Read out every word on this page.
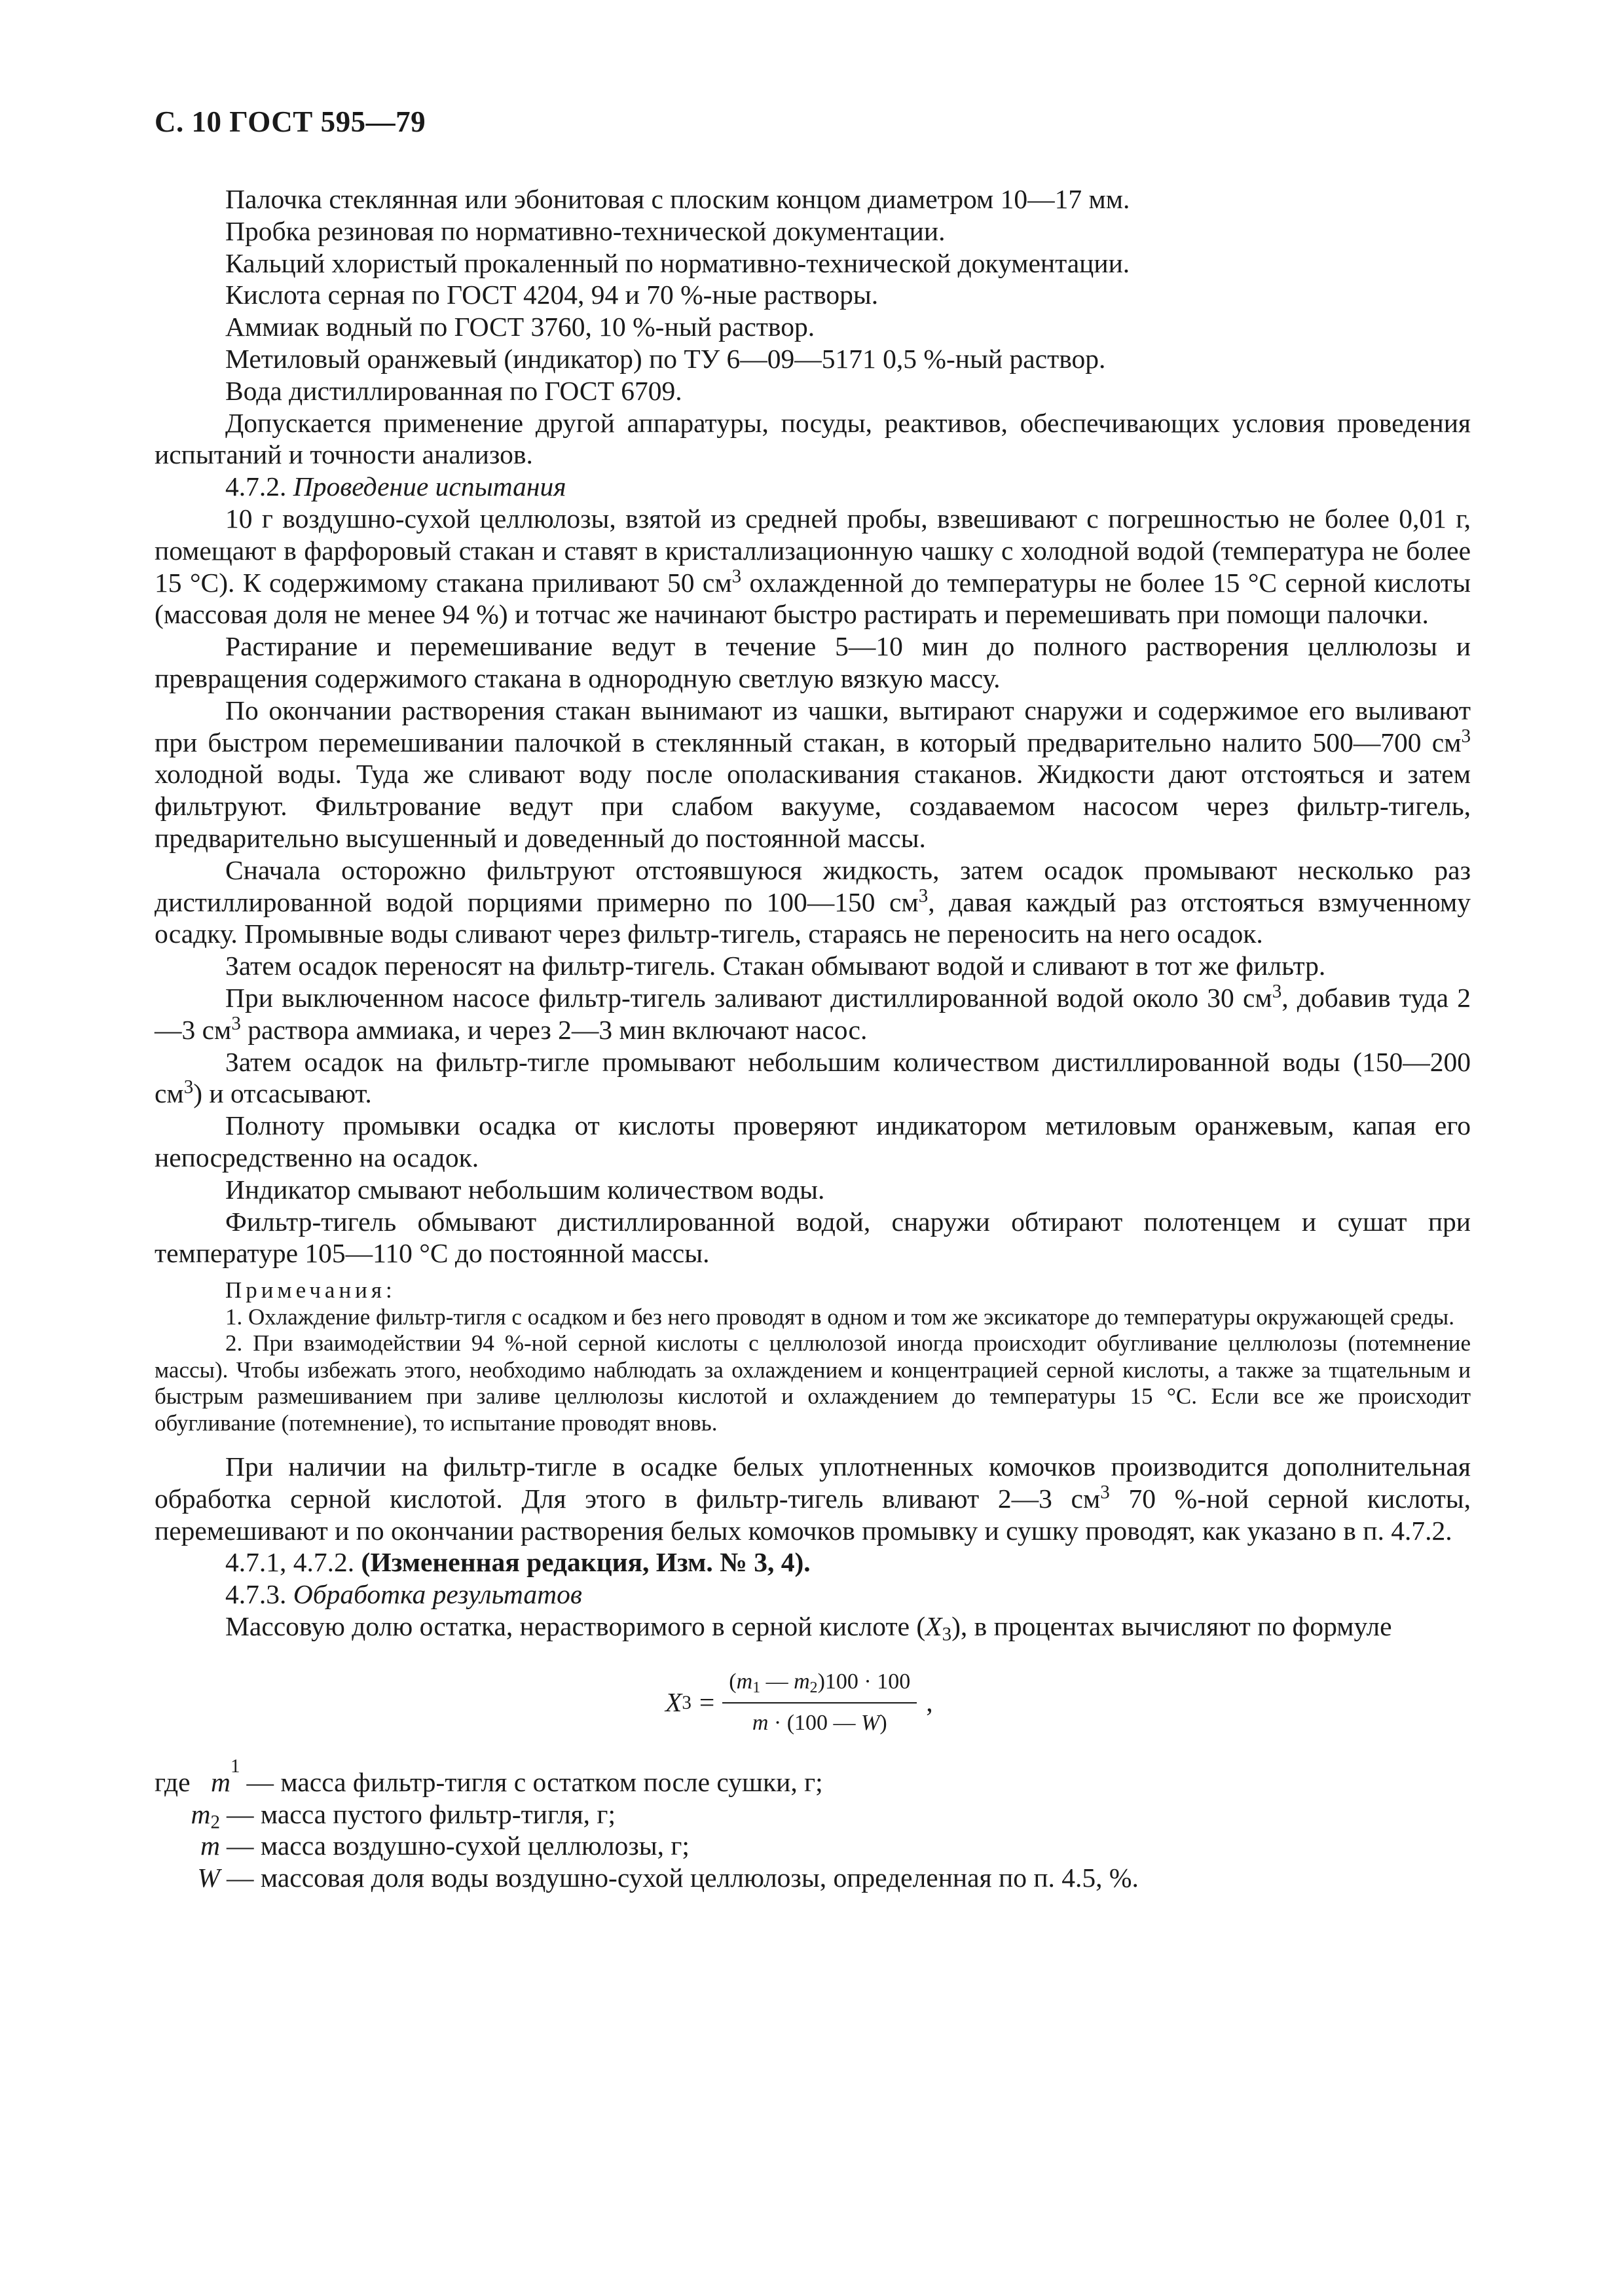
С. 10 ГОСТ 595—79

Палочка стеклянная или эбонитовая с плоским концом диаметром 10—17 мм.

Пробка резиновая по нормативно-технической документации.

Кальций хлористый прокаленный по нормативно-технической документации.

Кислота серная по ГОСТ 4204, 94 и 70 %-ные растворы.

Аммиак водный по ГОСТ 3760, 10 %-ный раствор.

Метиловый оранжевый (индикатор) по ТУ 6—09—5171 0,5 %-ный раствор.

Вода дистиллированная по ГОСТ 6709.

Допускается применение другой аппаратуры, посуды, реактивов, обеспечивающих условия проведения испытаний и точности анализов.

4.7.2. Проведение испытания

10 г воздушно-сухой целлюлозы, взятой из средней пробы, взвешивают с погрешностью не более 0,01 г, помещают в фарфоровый стакан и ставят в кристаллизационную чашку с холодной водой (температура не более 15 °С). К содержимому стакана приливают 50 $см^3$ охлажденной до температуры не более 15 °С серной кислоты (массовая доля не менее 94 %) и тотчас же начинают быстро растирать и перемешивать при помощи палочки.

Растирание и перемешивание ведут в течение 5—10 мин до полного растворения целлюлозы и превращения содержимого стакана в однородную светлую вязкую массу.

По окончании растворения стакан вынимают из чашки, вытирают снаружи и содержимое его выливают при быстром перемешивании палочкой в стеклянный стакан, в который предварительно налито 500—700 $см^3$ холодной воды. Туда же сливают воду после ополаскивания стаканов. Жидкости дают отстояться и затем фильтруют. Фильтрование ведут при слабом вакууме, создаваемом насосом через фильтр-тигель, предварительно высушенный и доведенный до постоянной массы.

Сначала осторожно фильтруют отстоявшуюся жидкость, затем осадок промывают несколько раз дистиллированной водой порциями примерно по 100—150 $см^3$, давая каждый раз отстояться взмученному осадку. Промывные воды сливают через фильтр-тигель, стараясь не переносить на него осадок.

Затем осадок переносят на фильтр-тигель. Стакан обмывают водой и сливают в тот же фильтр.

При выключенном насосе фильтр-тигель заливают дистиллированной водой около 30 $см^3$, добавив туда 2—3 $см^3$ раствора аммиака, и через 2—3 мин включают насос.

Затем осадок на фильтр-тигле промывают небольшим количеством дистиллированной воды (150—200 $см^3$) и отсасывают.

Полноту промывки осадка от кислоты проверяют индикатором метиловым оранжевым, капая его непосредственно на осадок.

Индикатор смывают небольшим количеством воды.

Фильтр-тигель обмывают дистиллированной водой, снаружи обтирают полотенцем и сушат при температуре 105—110 °С до постоянной массы.

Примечания:

1. Охлаждение фильтр-тигля с осадком и без него проводят в одном и том же эксикаторе до температуры окружающей среды.

2. При взаимодействии 94 %-ной серной кислоты с целлюлозой иногда происходит обугливание целлюлозы (потемнение массы). Чтобы избежать этого, необходимо наблюдать за охлаждением и концентрацией серной кислоты, а также за тщательным и быстрым размешиванием при заливе целлюлозы кислотой и охлаждением до температуры 15 °С. Если все же происходит обугливание (потемнение), то испытание проводят вновь.

При наличии на фильтр-тигле в осадке белых уплотненных комочков производится дополнительная обработка серной кислотой. Для этого в фильтр-тигель вливают 2—3 $см^3$ 70 %-ной серной кислоты, перемешивают и по окончании растворения белых комочков промывку и сушку проводят, как указано в п. 4.7.2.

4.7.1, 4.7.2. (Измененная редакция, Изм. № 3, 4).

4.7.3. Обработка результатов

Массовую долю остатка, нерастворимого в серной кислоте $(X_3)$, в процентах вычисляют по формуле

X $3 = \frac{(m_1 — m_2)100 \cdot 100}{m \cdot (100 — W)}$ ,
где m
1
— масса фильтр-тигля с остатком после сушки, г;
$m_2$ — масса пустого фильтр-тигля, г;
m — масса воздушно-сухой целлюлозы, г;
W — массовая доля воды воздушно-сухой целлюлозы, определенная по п. 4.5, %.
